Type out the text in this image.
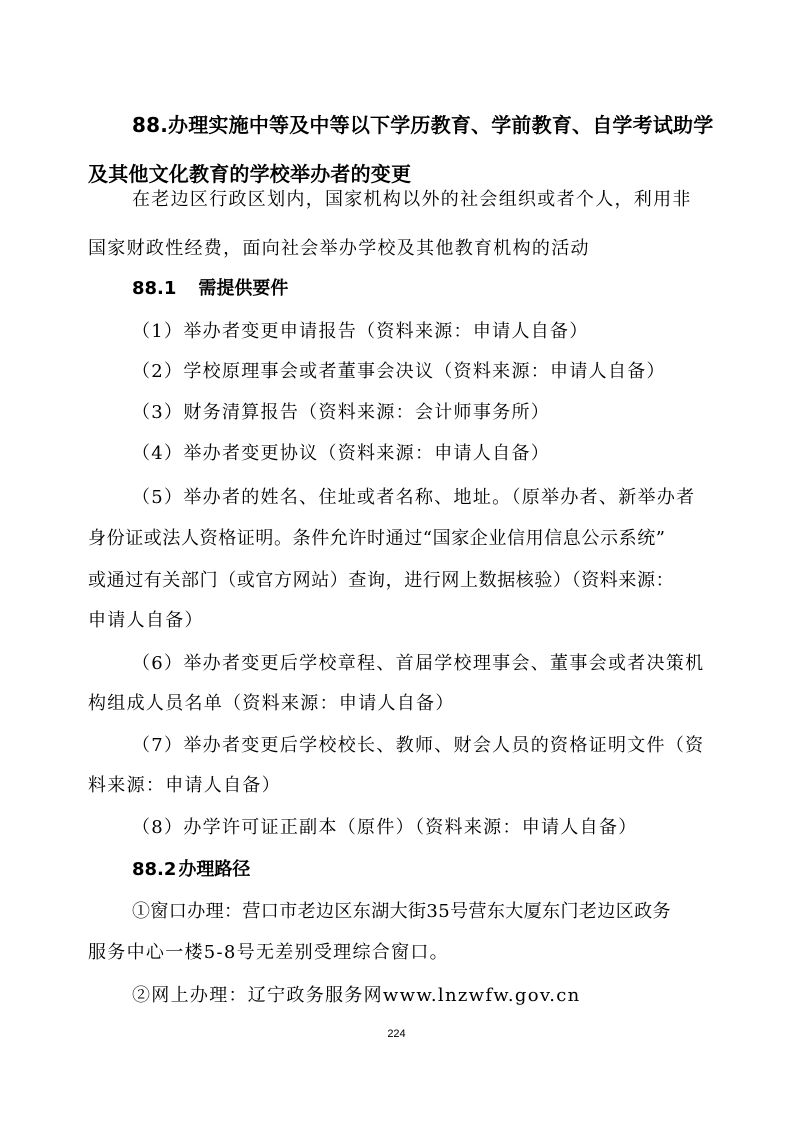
88.办理实施中等及中等以下学历教育、学前教育、自学考试助学
及其他文化教育的学校举办者的变更
在老边区行政区划内，国家机构以外的社会组织或者个人，利用非
国家财政性经费，面向社会举办学校及其他教育机构的活动
88.1 需提供要件
（1）举办者变更申请报告（资料来源：申请人自备）
（2）学校原理事会或者董事会决议（资料来源：申请人自备）
（3）财务清算报告（资料来源：会计师事务所）
（4）举办者变更协议（资料来源：申请人自备）
（5）举办者的姓名、住址或者名称、地址。（原举办者、新举办者
身份证或法人资格证明。条件允许时通过“国家企业信用信息公示系统”
或通过有关部门（或官方网站）查询，进行网上数据核验）（资料来源：
申请人自备）
（6）举办者变更后学校章程、首届学校理事会、董事会或者决策机
构组成人员名单（资料来源：申请人自备）
（7）举办者变更后学校校长、教师、财会人员的资格证明文件（资
料来源：申请人自备）
（8）办学许可证正副本（原件）（资料来源：申请人自备）
88.2 办理路径
①窗口办理：营口市老边区东湖大街35号营东大厦东门老边区政务
服务中心一楼5-8号无差别受理综合窗口。
②网上办理：辽宁政务服务网www.lnzwfw.gov.cn
224
